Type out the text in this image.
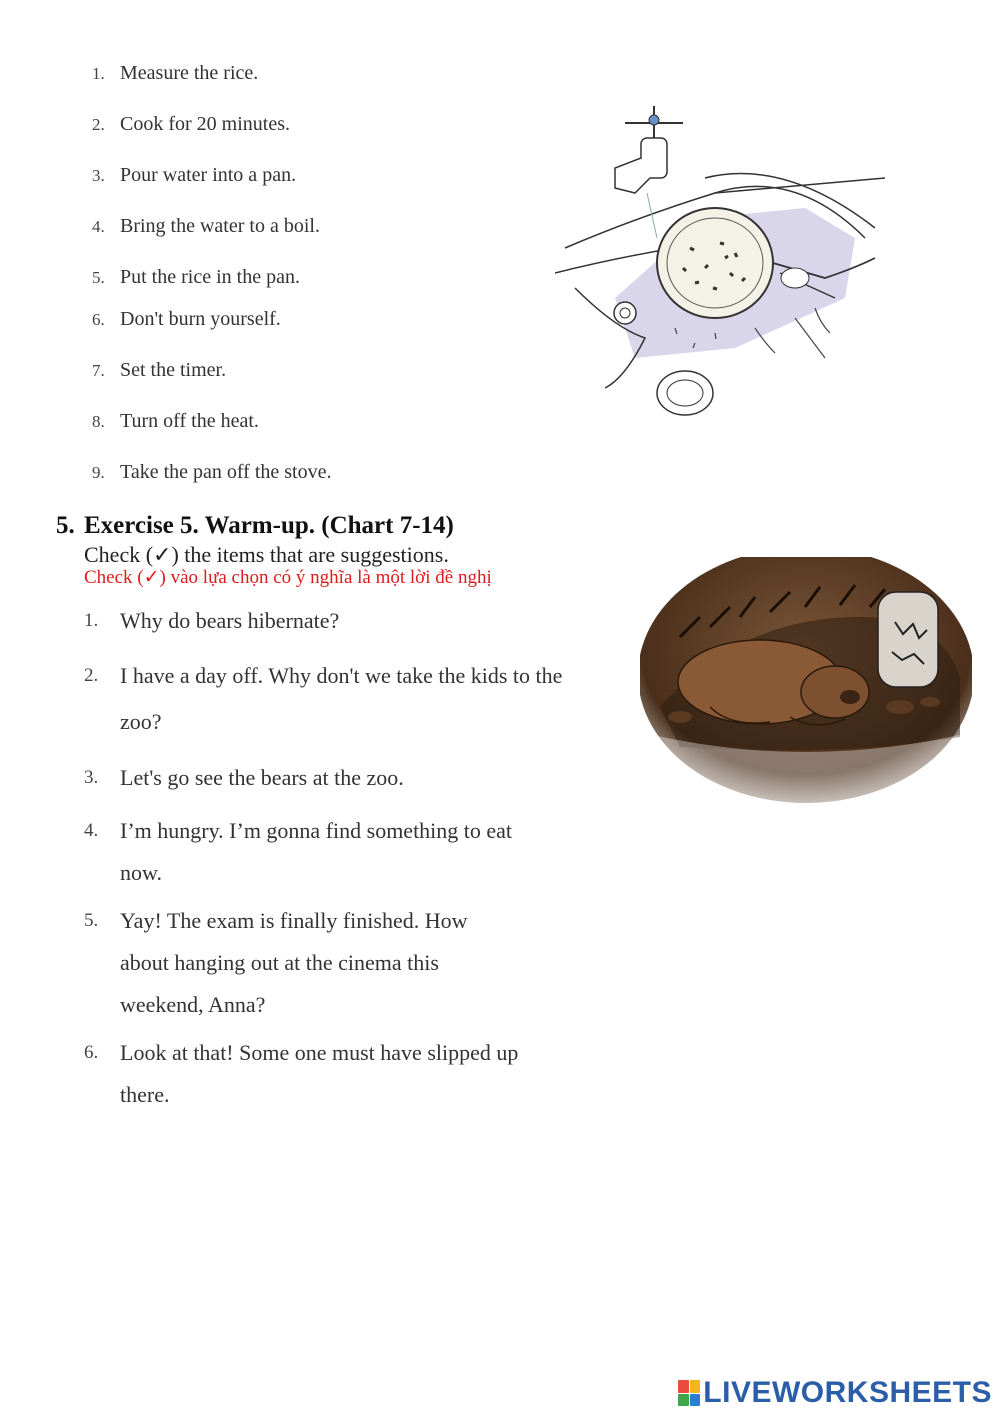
1. Measure the rice.
2. Cook for 20 minutes.
3. Pour water into a pan.
4. Bring the water to a boil.
5. Put the rice in the pan.
6. Don't burn yourself.
7. Set the timer.
8. Turn off the heat.
9. Take the pan off the stove.
5. Exercise 5. Warm-up. (Chart 7-14)
Check (✓) the items that are suggestions.
Check (✓) vào lựa chọn có ý nghĩa là một lời đề nghị
1. Why do bears hibernate?
2. I have a day off. Why don't we take the kids to the zoo?
3. Let's go see the bears at the zoo.
4. I’m hungry. I’m gonna find something to eat now.
5. Yay! The exam is finally finished. How about hanging out at the cinema this weekend, Anna?
6. Look at that! Some one must have slipped up there.
LIVEWORKSHEETS
